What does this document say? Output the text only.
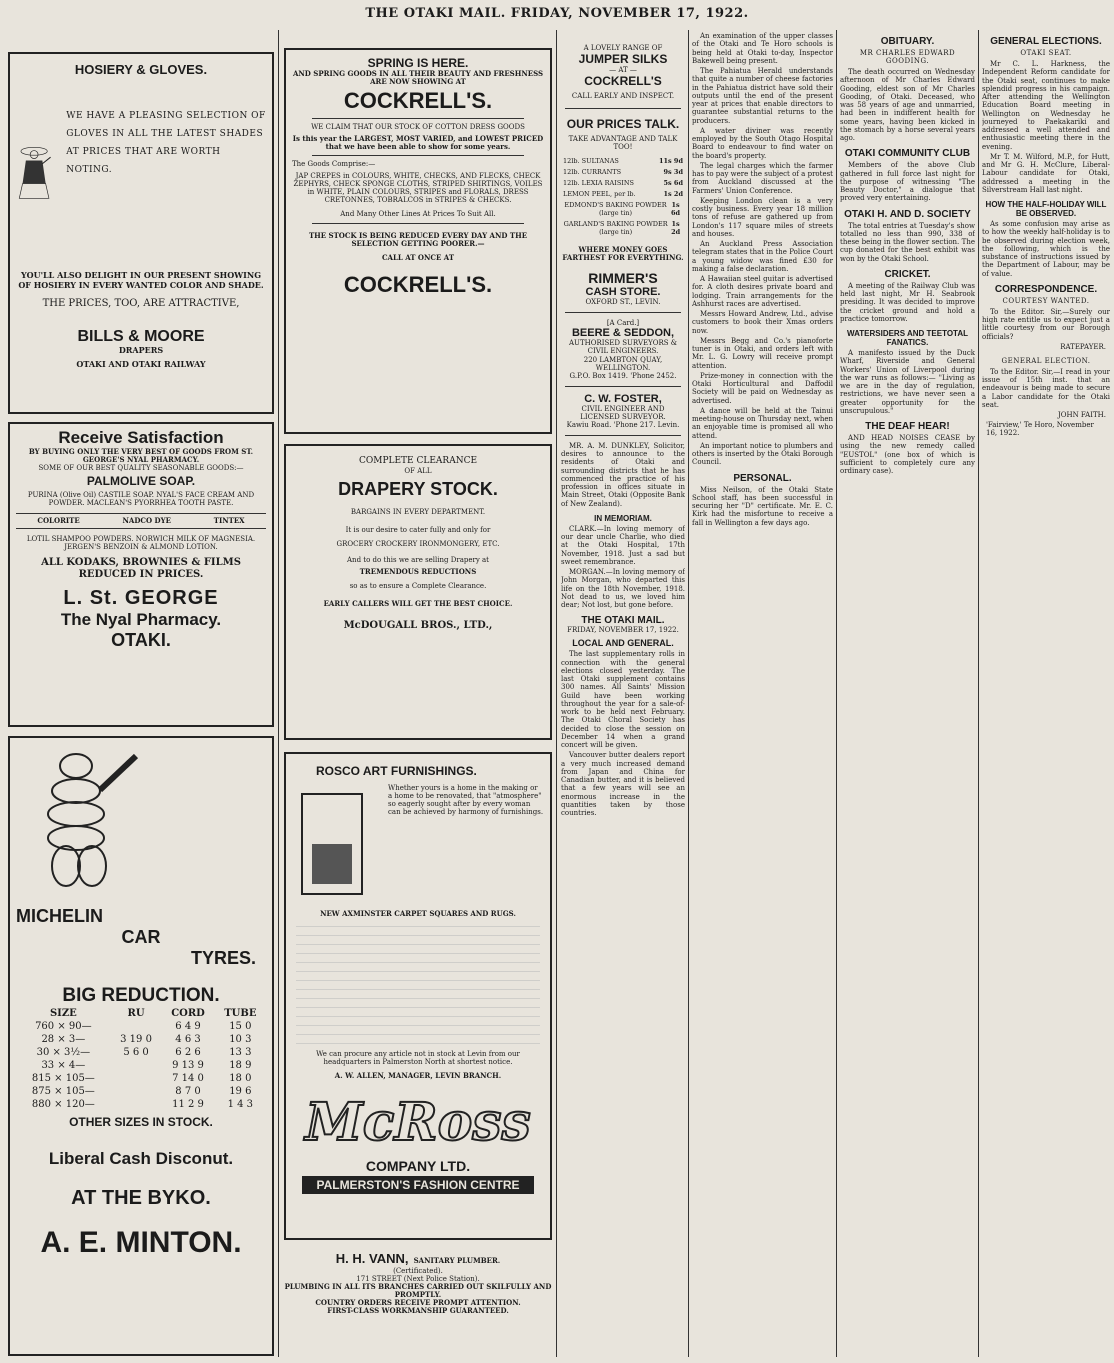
THE OTAKI MAIL. FRIDAY, NOVEMBER 17, 1922.
HOSIERY & GLOVES.
WE HAVE A PLEASING SELECTION OF GLOVES IN ALL THE LATEST SHADES AT PRICES THAT ARE WORTH NOTING.
YOU'LL ALSO DELIGHT IN OUR PRESENT SHOWING OF HOSIERY IN EVERY WANTED COLOR AND SHADE.
THE PRICES, TOO, ARE ATTRACTIVE,
BILLS & MOORE
DRAPERS
OTAKI AND OTAKI RAILWAY
Receive Satisfaction
BY BUYING ONLY THE VERY BEST OF GOODS FROM ST. GEORGE'S NYAL PHARMACY.
SOME OF OUR BEST QUALITY SEASONABLE GOODS:—
PALMOLIVE SOAP.
PURINA (Olive Oil) CASTILE SOAP. NYAL'S FACE CREAM AND POWDER. MACLEAN'S PYORRHEA TOOTH PASTE.
COLORITE	NADCO DYE	TINTEX
LOTIL SHAMPOO POWDERS. NORWICH MILK OF MAGNESIA. JERGEN'S BENZOIN & ALMOND LOTION.
ALL KODAKS, BROWNIES & FILMS REDUCED IN PRICES.
L. St. GEORGE
The Nyal Pharmacy.
OTAKI.
MICHELIN
CAR
TYRES.
BIG REDUCTION.
SIZE	RU	CORD	TUBE
760 × 90—		6 4 9	15 0
28 × 3—	3 19 0	4 6 3	10 3
30 × 3½—	5 6 0	6 2 6	13 3
33 × 4—		9 13 9	18 9
815 × 105—		7 14 0	18 0
875 × 105—		8 7 0	19 6
880 × 120—		11 2 9	1 4 3
OTHER SIZES IN STOCK.
Liberal Cash Disconut.
AT THE BYKO.
A. E. MINTON.
SPRING IS HERE.
AND SPRING GOODS IN ALL THEIR BEAUTY AND FRESHNESS ARE NOW SHOWING AT
COCKRELL'S.
WE CLAIM THAT OUR STOCK OF COTTON DRESS GOODS
Is this year the LARGEST, MOST VARIED, and LOWEST PRICED that we have been able to show for some years.
The Goods Comprise:—
JAP CREPES in COLOURS, WHITE, CHECKS, AND FLECKS, CHECK ZEPHYRS, CHECK SPONGE CLOTHS, STRIPED SHIRTINGS, VOILES in WHITE, PLAIN COLOURS, STRIPES and FLORALS, DRESS CRETONNES, TOBRALCOS in STRIPES & CHECKS.
And Many Other Lines At Prices To Suit All.
THE STOCK IS BEING REDUCED EVERY DAY AND THE SELECTION GETTING POORER.—
CALL AT ONCE AT
COCKRELL'S.
COMPLETE CLEARANCE
OF ALL
DRAPERY STOCK.
BARGAINS IN EVERY DEPARTMENT.
It is our desire to cater fully and only for
GROCERY CROCKERY IRONMONGERY, ETC.
And to do this we are selling Drapery at
TREMENDOUS REDUCTIONS
so as to ensure a Complete Clearance.
EARLY CALLERS WILL GET THE BEST CHOICE.
McDOUGALL BROS., LTD.,
ROSCO ART FURNISHINGS.
Whether yours is a home in the making or a home to be renovated, that "atmosphere" so eagerly sought after by every woman can be achieved by harmony of furnishings.
NEW AXMINSTER CARPET SQUARES AND RUGS.
We can procure any article not in stock at Levin from our headquarters in Palmerston North at shortest notice.
A. W. ALLEN, MANAGER, LEVIN BRANCH.
McRoss
COMPANY LTD.
PALMERSTON'S FASHION CENTRE
H. H. VANN, SANITARY PLUMBER.
(Certificated).
171 STREET (Next Police Station).
PLUMBING IN ALL ITS BRANCHES CARRIED OUT SKILFULLY AND PROMPTLY.
COUNTRY ORDERS RECEIVE PROMPT ATTENTION.
FIRST-CLASS WORKMANSHIP GUARANTEED.
A LOVELY RANGE OF
JUMPER SILKS
— AT —
COCKRELL'S
CALL EARLY AND INSPECT.
OUR PRICES TALK.
TAKE ADVANTAGE AND TALK TOO!
12lb. SULTANAS	11s 9d
12lb. CURRANTS	9s 3d
12lb. LEXIA RAISINS	5s 6d
LEMON PEEL, per lb.	1s 2d
EDMOND'S BAKING POWDER (large tin)
1s 6d
GARLAND'S BAKING POWDER (large tin)
1s 2d
WHERE MONEY GOES FARTHEST FOR EVERYTHING.
RIMMER'S
CASH STORE.
OXFORD ST., LEVIN.
[A Card.]
BEERE & SEDDON,
AUTHORISED SURVEYORS & CIVIL ENGINEERS.
220 LAMBTON QUAY, WELLINGTON.
G.P.O. Box 1419. 'Phone 2452.
C. W. FOSTER,
CIVIL ENGINEER AND LICENSED SURVEYOR.
Kawiu Road. 'Phone 217. Levin.
MR. A. M. DUNKLEY, Solicitor, desires to announce to the residents of Otaki and surrounding districts that he has commenced the practice of his profession in offices situate in Main Street, Otaki (Opposite Bank of New Zealand).
IN MEMORIAM.
CLARK.—In loving memory of our dear uncle Charlie, who died at the Otaki Hospital, 17th November, 1918. Just a sad but sweet remembrance.
MORGAN.—In loving memory of John Morgan, who departed this life on the 18th November, 1918. Not dead to us, we loved him dear; Not lost, but gone before.
THE OTAKI MAIL.
FRIDAY, NOVEMBER 17, 1922.
LOCAL AND GENERAL.
The last supplementary rolls in connection with the general elections closed yesterday. The last Otaki supplement contains 300 names. All Saints' Mission Guild have been working throughout the year for a sale-of-work to be held next February. The Otaki Choral Society has decided to close the session on December 14 when a grand concert will be given.
Vancouver butter dealers report a very much increased demand from Japan and China for Canadian butter, and it is believed that a few years will see an enormous increase in the quantities taken by those countries.
An examination of the upper classes of the Otaki and Te Horo schools is being held at Otaki to-day, Inspector Bakewell being present.
The Pahiatua Herald understands that quite a number of cheese factories in the Pahiatua district have sold their outputs until the end of the present year at prices that enable directors to guarantee substantial returns to the producers.
A water diviner was recently employed by the South Otago Hospital Board to endeavour to find water on the board's property.
The legal charges which the farmer has to pay were the subject of a protest from Auckland discussed at the Farmers' Union Conference.
Keeping London clean is a very costly business. Every year 18 million tons of refuse are gathered up from London's 117 square miles of streets and houses.
An Auckland Press Association telegram states that in the Police Court a young widow was fined £30 for making a false declaration.
A Hawaiian steel guitar is advertised for. A cloth desires private board and lodging. Train arrangements for the Ashhurst races are advertised.
Messrs Howard Andrew, Ltd., advise customers to book their Xmas orders now.
Messrs Begg and Co.'s pianoforte tuner is in Otaki, and orders left with Mr. L. G. Lowry will receive prompt attention.
Prize-money in connection with the Otaki Horticultural and Daffodil Society will be paid on Wednesday as advertised.
A dance will be held at the Tainui meeting-house on Thursday next, when an enjoyable time is promised all who attend.
An important notice to plumbers and others is inserted by the Otaki Borough Council.
PERSONAL.
Miss Neilson, of the Otaki State School staff, has been successful in securing her "D" certificate. Mr. E. C. Kirk had the misfortune to receive a fall in Wellington a few days ago.
OBITUARY.
MR CHARLES EDWARD GOODING.
The death occurred on Wednesday afternoon of Mr Charles Edward Gooding, eldest son of Mr Charles Gooding, of Otaki. Deceased, who was 58 years of age and unmarried, had been in indifferent health for some years, having been kicked in the stomach by a horse several years ago.
OTAKI COMMUNITY CLUB
Members of the above Club gathered in full force last night for the purpose of witnessing "The Beauty Doctor," a dialogue that proved very entertaining.
OTAKI H. AND D. SOCIETY
The total entries at Tuesday's show totalled no less than 990, 338 of these being in the flower section. The cup donated for the best exhibit was won by the Otaki School.
CRICKET.
A meeting of the Railway Club was held last night, Mr H. Seabrook presiding. It was decided to improve the cricket ground and hold a practice tomorrow.
WATERSIDERS AND TEETOTAL FANATICS.
A manifesto issued by the Duck Wharf, Riverside and General Workers' Union of Liverpool during the war runs as follows:— "Living as we are in the day of regulation, restrictions, we have never seen a greater opportunity for the unscrupulous."
THE DEAF HEAR!
AND HEAD NOISES CEASE by using the new remedy called "EUSTOL" (one box of which is sufficient to completely cure any ordinary case).
GENERAL ELECTIONS.
OTAKI SEAT.
Mr C. L. Harkness, the Independent Reform candidate for the Otaki seat, continues to make splendid progress in his campaign. After attending the Wellington Education Board meeting in Wellington on Wednesday he journeyed to Paekakariki and addressed a well attended and enthusiastic meeting there in the evening.
Mr T. M. Wilford, M.P., for Hutt, and Mr G. H. McClure, Liberal-Labour candidate for Otaki, addressed a meeting in the Silverstream Hall last night.
HOW THE HALF-HOLIDAY WILL BE OBSERVED.
As some confusion may arise as to how the weekly half-holiday is to be observed during election week, the following, which is the substance of instructions issued by the Department of Labour, may be of value.
CORRESPONDENCE.
COURTESY WANTED.
To the Editor. Sir,—Surely our high rate entitle us to expect just a little courtesy from our Borough officials?
RATEPAYER.
GENERAL ELECTION.
To the Editor. Sir,—I read in your issue of 15th inst. that an endeavour is being made to secure a Labor candidate for the Otaki seat.
JOHN FAITH.
'Fairview,' Te Horo, November 16, 1922.
